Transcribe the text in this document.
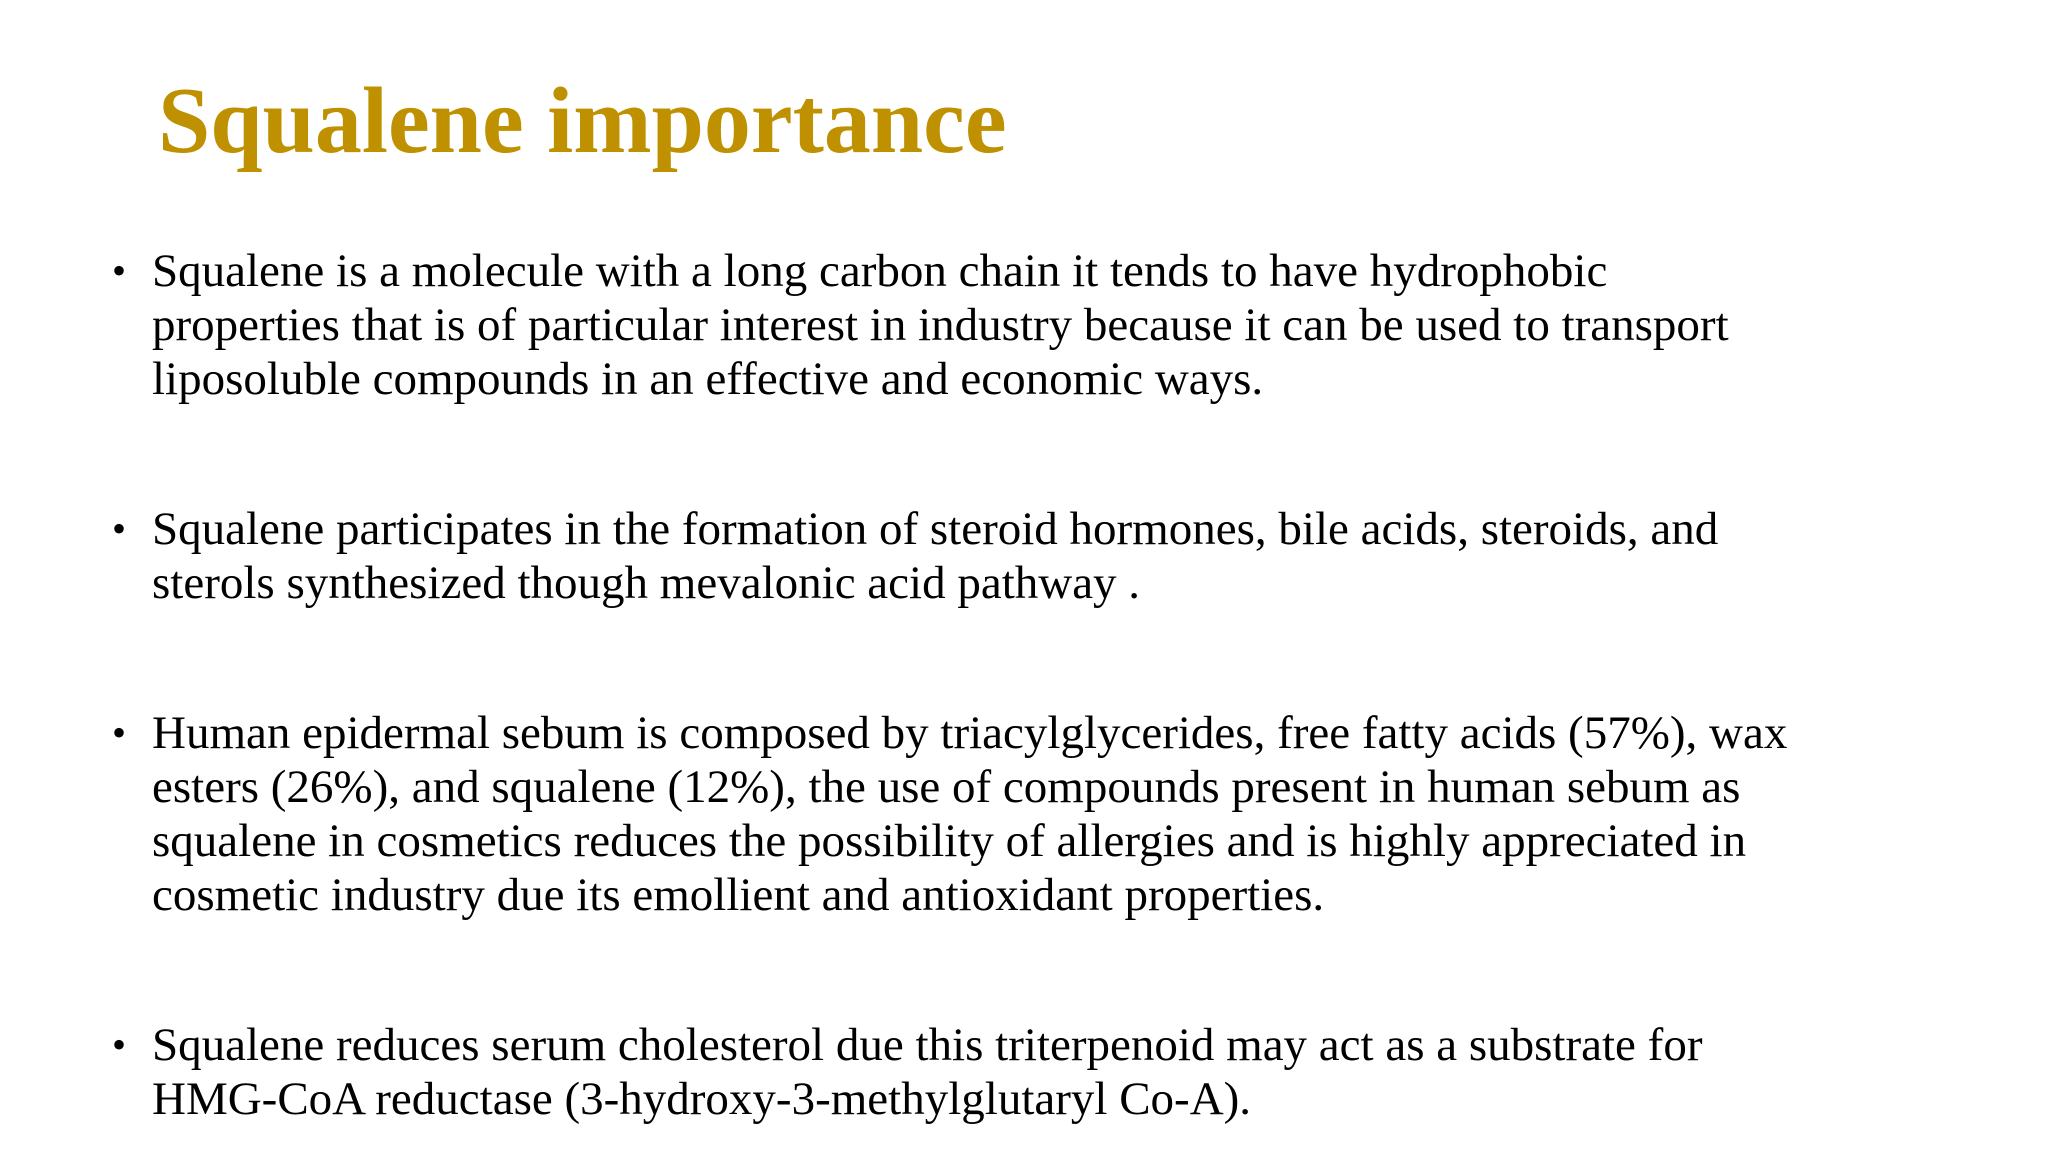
Squalene importance
• Squalene is a molecule with a long carbon chain it tends to have hydrophobic
properties that is of particular interest in industry because it can be used to transport
liposoluble compounds in an effective and economic ways.

• Squalene participates in the formation of steroid hormones, bile acids, steroids, and
sterols synthesized though mevalonic acid pathway .

• Human epidermal sebum is composed by triacylglycerides, free fatty acids (57%), wax
esters (26%), and squalene (12%), the use of compounds present in human sebum as
squalene in cosmetics reduces the possibility of allergies and is highly appreciated in
cosmetic industry due its emollient and antioxidant properties.

• Squalene reduces serum cholesterol due this triterpenoid may act as a substrate for
HMG-CoA reductase (3-hydroxy-3-methylglutaryl Co-A).
